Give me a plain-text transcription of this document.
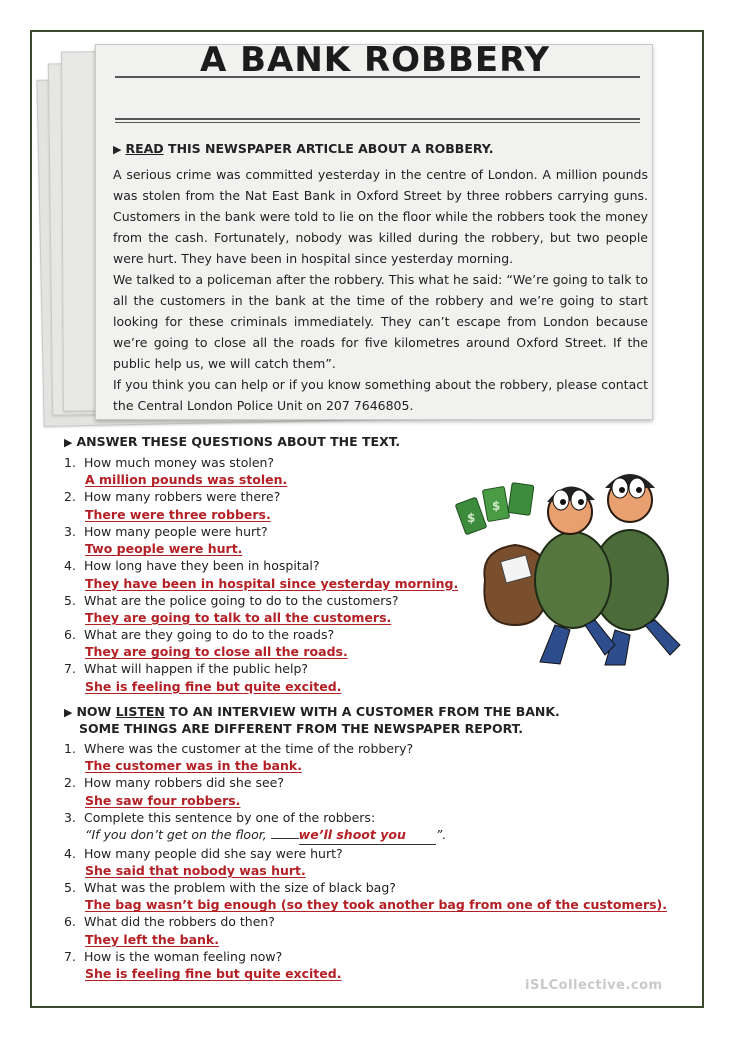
A BANK ROBBERY
▶ READ THIS NEWSPAPER ARTICLE ABOUT A ROBBERY.

A serious crime was committed yesterday in the centre of London. A million pounds was stolen from the Nat East Bank in Oxford Street by three robbers carrying guns. Customers in the bank were told to lie on the floor while the robbers took the money from the cash. Fortunately, nobody was killed during the robbery, but two people were hurt. They have been in hospital since yesterday morning.

We talked to a policeman after the robbery. This what he said: “We’re going to talk to all the customers in the bank at the time of the robbery and we’re going to start looking for these criminals immediately. They can’t escape from London because we’re going to close all the roads for five kilometres around Oxford Street. If the public help us, we will catch them”.

If you think you can help or if you know something about the robbery, please contact the Central London Police Unit on 207 7646805.

▶ ANSWER THESE QUESTIONS ABOUT THE TEXT.
1. How much money was stolen?
A million pounds was stolen.
2. How many robbers were there?
There were three robbers.
3. How many people were hurt?
Two people were hurt.
4. How long have they been in hospital?
They have been in hospital since yesterday morning.
5. What are the police going to do to the customers?
They are going to talk to all the customers.
6. What are they going to do to the roads?
They are going to close all the roads.
7. What will happen if the public help?
She is feeling fine but quite excited.
$
$
▶ NOW LISTEN TO AN INTERVIEW WITH A CUSTOMER FROM THE BANK.
SOME THINGS ARE DIFFERENT FROM THE NEWSPAPER REPORT.
1. Where was the customer at the time of the robbery?
The customer was in the bank.
2. How many robbers did she see?
She saw four robbers.
3. Complete this sentence by one of the robbers:
“If you don’t get on the floor, we’ll shoot you ”.
4. How many people did she say were hurt?
She said that nobody was hurt.
5. What was the problem with the size of black bag?
The bag wasn’t big enough (so they took another bag from one of the customers).
6. What did the robbers do then?
They left the bank.
7. How is the woman feeling now?
She is feeling fine but quite excited.
iSLCollective.com
